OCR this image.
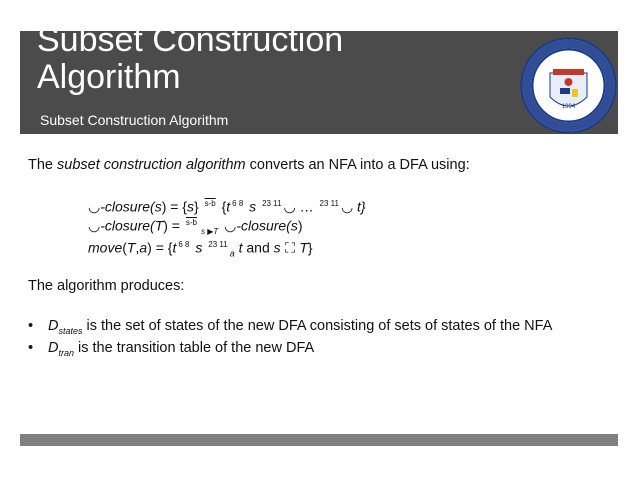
Subset Construction
Algorithm
Subset Construction Algorithm
1994
The subset construction algorithm converts an NFA into a DFA using:
◡-closure(s) = {s} $^{s-b}$ {t $^{6 8}$ s $^{23 11}$ ◡ … $^{23 11}$ ◡ t}
◡-closure(T) = $^{s-b}_{s ▶T}$ ◡-closure(s)
move(T,a) = {t $^{6 8}$ s $^{23 11}_a$ t and s ⛶ T}
The algorithm produces:
• $D_{states}$ is the set of states of the new DFA consisting of sets of states of the NFA
• $D_{tran}$ is the transition table of the new DFA
